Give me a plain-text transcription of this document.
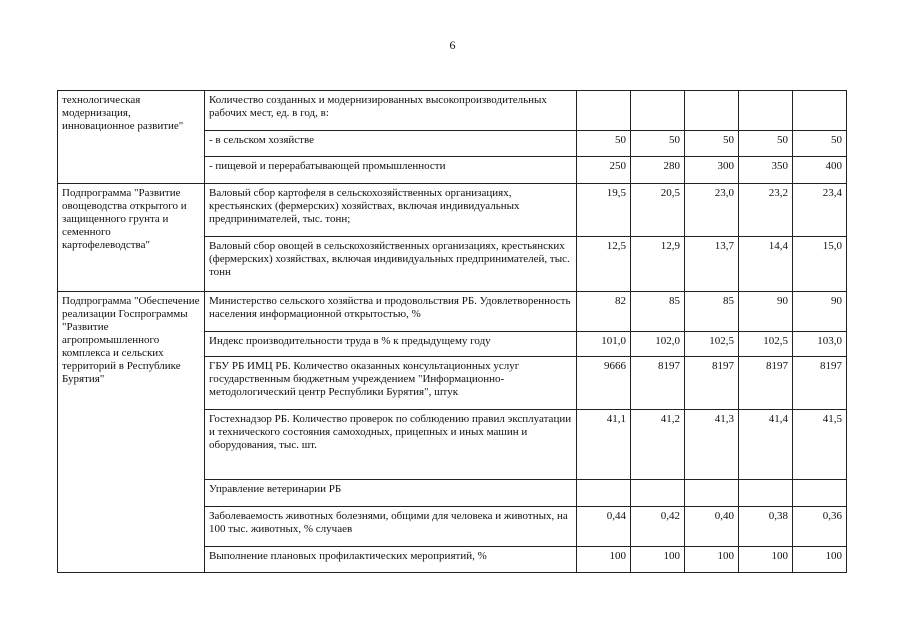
6
технологическая модернизация, инновационное развитие"	Количество созданных и модернизированных высокопроизводительных рабочих мест, ед. в год, в:					
	- в сельском хозяйстве	50	50	50	50	50
	- пищевой и перерабатывающей промышленности	250	280	300	350	400
Подпрограмма "Развитие овощеводства открытого и защищенного грунта и семенного картофелеводства"	Валовый сбор картофеля в сельскохозяйственных организациях, крестьянских (фермерских) хозяйствах, включая индивидуальных предпринимателей, тыс. тонн;	19,5	20,5	23,0	23,2	23,4
	Валовый сбор овощей в сельскохозяйственных организациях, крестьянских (фермерских) хозяйствах, включая индивидуальных предпринимателей, тыс. тонн	12,5	12,9	13,7	14,4	15,0
Подпрограмма "Обеспечение реализации Госпрограммы "Развитие агропромышленного комплекса и сельских территорий в Республике Бурятия"	Министерство сельского хозяйства и продовольствия РБ. Удовлетворенность населения информационной открытостью, %	82	85	85	90	90
	Индекс производительности труда в % к предыдущему году	101,0	102,0	102,5	102,5	103,0
	ГБУ РБ ИМЦ РБ. Количество оказанных консультационных услуг государственным бюджетным учреждением "Информационно-методологический центр Республики Бурятия", штук	9666	8197	8197	8197	8197
	Гостехнадзор РБ. Количество проверок по соблюдению правил эксплуатации и технического состояния самоходных, прицепных и иных машин и оборудования, тыс. шт.	41,1	41,2	41,3	41,4	41,5
	Управление ветеринарии РБ					
	Заболеваемость животных болезнями, общими для человека и животных, на 100 тыс. животных, % случаев	0,44	0,42	0,40	0,38	0,36
	Выполнение плановых профилактических мероприятий, %	100	100	100	100	100
